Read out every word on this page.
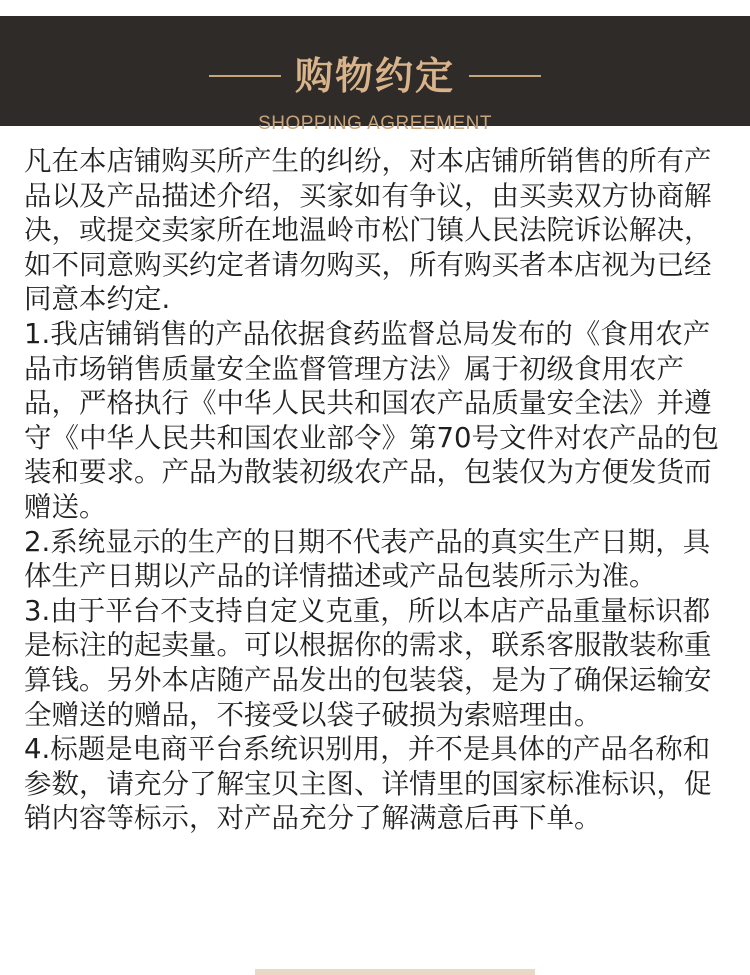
购物约定
SHOPPING AGREEMENT

凡在本店铺购买所产生的纠纷，对本店铺所销售的所有产品以及产品描述介绍，买家如有争议，由买卖双方协商解决，或提交卖家所在地温岭市松门镇人民法院诉讼解决，如不同意购买约定者请勿购买，所有购买者本店视为已经同意本约定.

1.我店铺销售的产品依据食药监督总局发布的《食用农产品市场销售质量安全监督管理方法》属于初级食用农产品，严格执行《中华人民共和国农产品质量安全法》并遵守《中华人民共和国农业部令》第70号文件对农产品的包装和要求。产品为散装初级农产品，包装仅为方便发货而赠送。

2.系统显示的生产的日期不代表产品的真实生产日期，具体生产日期以产品的详情描述或产品包装所示为准。

3.由于平台不支持自定义克重，所以本店产品重量标识都是标注的起卖量。可以根据你的需求，联系客服散装称重算钱。另外本店随产品发出的包装袋，是为了确保运输安全赠送的赠品，不接受以袋子破损为索赔理由。

4.标题是电商平台系统识别用，并不是具体的产品名称和参数，请充分了解宝贝主图、详情里的国家标准标识，促销内容等标示，对产品充分了解满意后再下单。
